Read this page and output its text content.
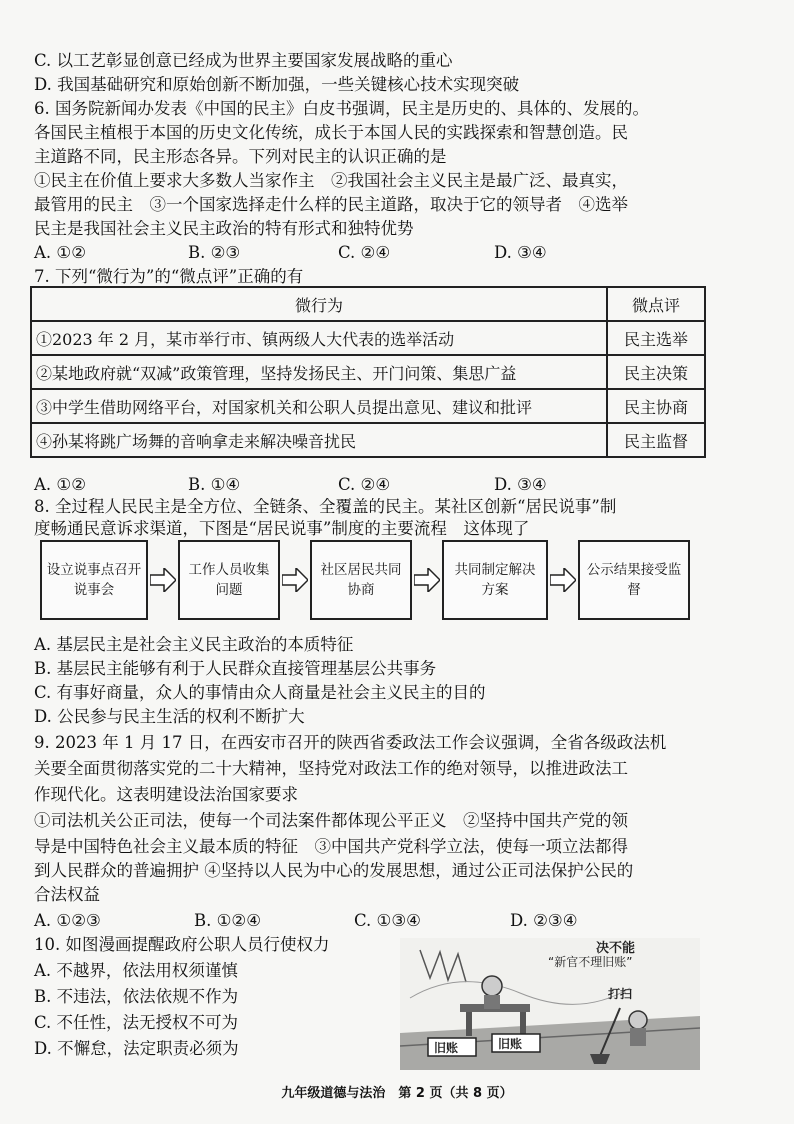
C. 以工艺彰显创意已经成为世界主要国家发展战略的重心
D. 我国基础研究和原始创新不断加强，一些关键核心技术实现突破
6. 国务院新闻办发表《中国的民主》白皮书强调，民主是历史的、具体的、发展的。
各国民主植根于本国的历史文化传统，成长于本国人民的实践探索和智慧创造。民
主道路不同，民主形态各异。下列对民主的认识正确的是
①民主在价值上要求大多数人当家作主　②我国社会主义民主是最广泛、最真实，
最管用的民主　③一个国家选择走什么样的民主道路，取决于它的领导者　④选举
民主是我国社会主义民主政治的特有形式和独特优势
A. ①②	B. ②③	C. ②④	D. ③④
7. 下列“微行为”的“微点评”正确的有
微行为	微点评
①2023 年 2 月，某市举行市、镇两级人大代表的选举活动	民主选举
②某地政府就“双减”政策管理，坚持发扬民主、开门问策、集思广益	民主决策
③中学生借助网络平台，对国家机关和公职人员提出意见、建议和批评	民主协商
④孙某将跳广场舞的音响拿走来解决噪音扰民	民主监督
A. ①②	B. ①④	C. ②④	D. ③④
8. 全过程人民民主是全方位、全链条、全覆盖的民主。某社区创新“居民说事”制
度畅通民意诉求渠道，下图是“居民说事”制度的主要流程　这体现了
设立说事点召开说事会
工作人员收集问题
社区居民共同协商
共同制定解决方案
公示结果接受监督
A. 基层民主是社会主义民主政治的本质特征
B. 基层民主能够有利于人民群众直接管理基层公共事务
C. 有事好商量，众人的事情由众人商量是社会主义民主的目的
D. 公民参与民主生活的权利不断扩大
9. 2023 年 1 月 17 日，在西安市召开的陕西省委政法工作会议强调，全省各级政法机
关要全面贯彻落实党的二十大精神，坚持党对政法工作的绝对领导，以推进政法工
作现代化。这表明建设法治国家要求
①司法机关公正司法，使每一个司法案件都体现公平正义　②坚持中国共产党的领
导是中国特色社会主义最本质的特征　③中国共产党科学立法，使每一项立法都得
到人民群众的普遍拥护 ④坚持以人民为中心的发展思想，通过公正司法保护公民的
合法权益
A. ①②③	B. ①②④	C. ①③④	D. ②③④
10. 如图漫画提醒政府公职人员行使权力
A. 不越界，依法用权须谨慎
B. 不违法，依法依规不作为
C. 不任性，法无授权不可为
D. 不懈怠，法定职责必须为
决不能
“新官不理旧账”
打扫
旧账	旧账
九年级道德与法治　第 2 页（共 8 页）
